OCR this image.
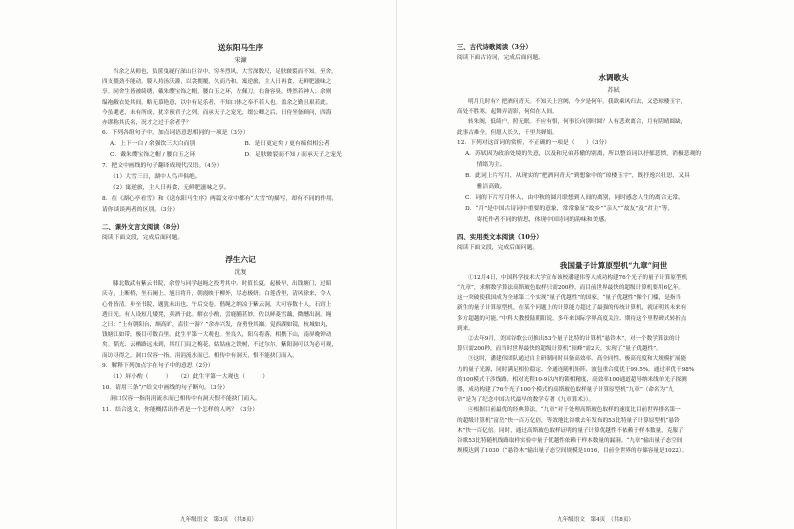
送东阳马生序
宋濂

当余之从师也，负箧曳屣行深山巨谷中，穷冬烈风，大雪深数尺，足肤皲裂而不知。至舍，

四支僵劲不能动，媵人持汤沃灌，以衾拥覆，久而乃和。寓逆旅，主人日再食，无鲜肥滋味之

享。同舍生皆被绮绣，戴朱缨宝饰之帽，腰白玉之环，左佩刀，右备容臭，烨然若神人；余则

缊袍敝衣处其间，略无慕艳意，以中有足乐者，不知口体之奉不若人也。盖余之勤且艰若此。

今虽耄老，未有所成，犹幸预君子之列，而承天子之宠光，缀公卿之后，日侍坐备顾问，四海

亦谬称其氏名，况才之过于余者乎？

6．下列各组句子中，加点词语意思相同的一项是（3分）

A．上下一白 / 余强饮三大白而别	B．是日更定矣 / 更有痴似相公者
C．戴朱缨宝饰之帽 / 腰白玉之环	D．足肤皲裂而不知 / 而承天子之宠光

7．把文中画线的句子翻译成现代汉语。（4分）

（1）大雪三日，湖中人鸟声俱绝。

（2）寓逆旅，主人日再食，无鲜肥滋味之享。

8．在《湖心亭看雪》和《送东阳马生序》两篇文章中都有“大雪”的描写，却有不同的作用，

请你谈谈两者的区别。（3分）

二、课外文言文阅读（8分）

阅读下面文段，完成后面问题。

浮生六记
沈复

膝北数武有紫云书院，余曾与同学赵绳之投考其中。时值长夏，起极早，出钱塘门，过昭

庆寺，上断桥，坐石阑上。旭日将升，朝霞映于柳外，尽态极妍；白莲香里，清风徐来，令人

心骨皆清。步至书院，题犹未出也。午后交卷。偕绳之纳凉于紫云洞，大可容数十人，石窍上

透日光。有人设短几矮凳，卖酒于此。解衣小酌，尝鹿脯甚妙，佐以鲜菱雪藕，微醺出洞。绳

之曰：“上有朝阳台，颇高旷，盍往一游？”余亦兴发，奋勇登其巅。觉西湖如镜，杭城如丸，

钱塘江如带，极目可数百里。此生平第一大观也。坐良久，阳乌将落，相携下山，南屏晚钟动

矣。韬光、云栖路远未到，其红门局之梅花，姑姑庙之铁树，不过尔尔。紫阳洞可以为必可观，

而访寻得之，洞口仅容一指，涓涓流水而已。相传中有洞天，恨不能抉门而入。

9．解释下列加点字在句子中的意思（2分）

（1）屏小酌（　　　）　　（2）此生平第一大观也（　　　）

10．请用三条“/”给文中画线的句子断句。（3分）

洞口仅容一指涓涓流水而已相传中有洞天恨不能抉门而入。

11．结合选文，你能概括出作者是一个怎样的人吗？（3分）

九年级语文　第3页　（共8页）

三、古代诗歌阅读（3分）

阅读下面古诗词，完成后面问题。

水调歌头
苏轼

明月几时有？把酒问青天。不知天上宫阙，今夕是何年。我欲乘风归去，又恐琼楼玉宇，

高处不胜寒。起舞弄清影，何似在人间。

转朱阁，低绮户，照无眠。不应有恨，何事长向别时圆？人有悲欢离合，月有阴晴圆缺，

此事古难全。但愿人长久，千里共婵娟。

12．下列对这首词的赏析，不正确的一项是（　　）（3分）

A．苏轼因为政治处境的失意，以及和兄弟苏辙的别离，所以整首词以抒郁悲愤，消极悲观的

　　情绪为主。

B．此词上片写月，从现实的“把酒问青天”到想象中的“琼楼玉宇”，既抒逸兴壮思，又具

　　雅洁高致。

C．词的下片写月怀人，由中秋的圆月联想到人间的离别，同时感念人生的离合无常。

D．“月”是中国古诗词中重要的意象，常常象征“故乡”“亲人”“故友”及“君主”等，

　　寄托作者不同的情思，体现中国诗词的韵味和美感。

四、实用类文本阅读（10分）

阅读下面文段，完成后面问题。

我国量子计算原型机“九章”问世

①12月4日，中国科学技术大学宣布该校潘建伟等人成功构建76个光子的量子计算原型机

“九章”，求解数学算法高斯玻色取样只需200秒，而目前世界最快的超级计算机要用6亿年。

这一突破使我国成为全球第二个实现“量子优越性”的国家。“量子优越性”像个门槛，是指当

新生的量子计算原型机，在某个问题上的计算能力超过了最强的传统计算机，就证明其未来有

多方超越的可能。”中科大教授陆朝阳说，多年来国际学界高度关注、期待这个里程碑式转折点

到来。

②去年9月，美国谷歌公司推出53个量子比特的计算机“悬铃木”，对一个数学算法的计

算只需200秒，而当时世界最快的超级计算机“顶峰”需2天，实现了“量子优越性”。

③这时，潘建伟团队通过自主研制同时具备高效率、高全同性、极高亮度和大规模扩展能

力的量子光源，同时满足相位稳定、全通连随机矩阵、波包重合度优于99.5%，通过率优于98%

的100模式干涉线路，相对光程10-9以内的锁相精度，高效率100通道超导纳米线单光子探测

器，成功构建了76个光子100个模式的高斯玻色取样量子计算原型机“九章”（命名为“九

章”是为了纪念中国古代最早的数学专著《九章算术》）。

④根据目前最优的经典算法，“九章”对于处理高斯玻色取样的速度比目前世界排名第一

的超级计算机“富岳”快一百万亿倍，等效地比谷歌去年发布的53比特量子计算原型机“悬铃

木”快一百亿倍。同时，通过高斯玻色取样证明的量子计算优越性不依赖于样本数量，克服了

谷歌53比特随机线路取样实验中量子优越性依赖于样本数量的漏洞。“九章”输出量子态空间

规模达到了1030（“悬铃木”输出量子态空间规模是1016，目前全世界的存储容量是1022）。

九年级语文　第4页　（共8页）
